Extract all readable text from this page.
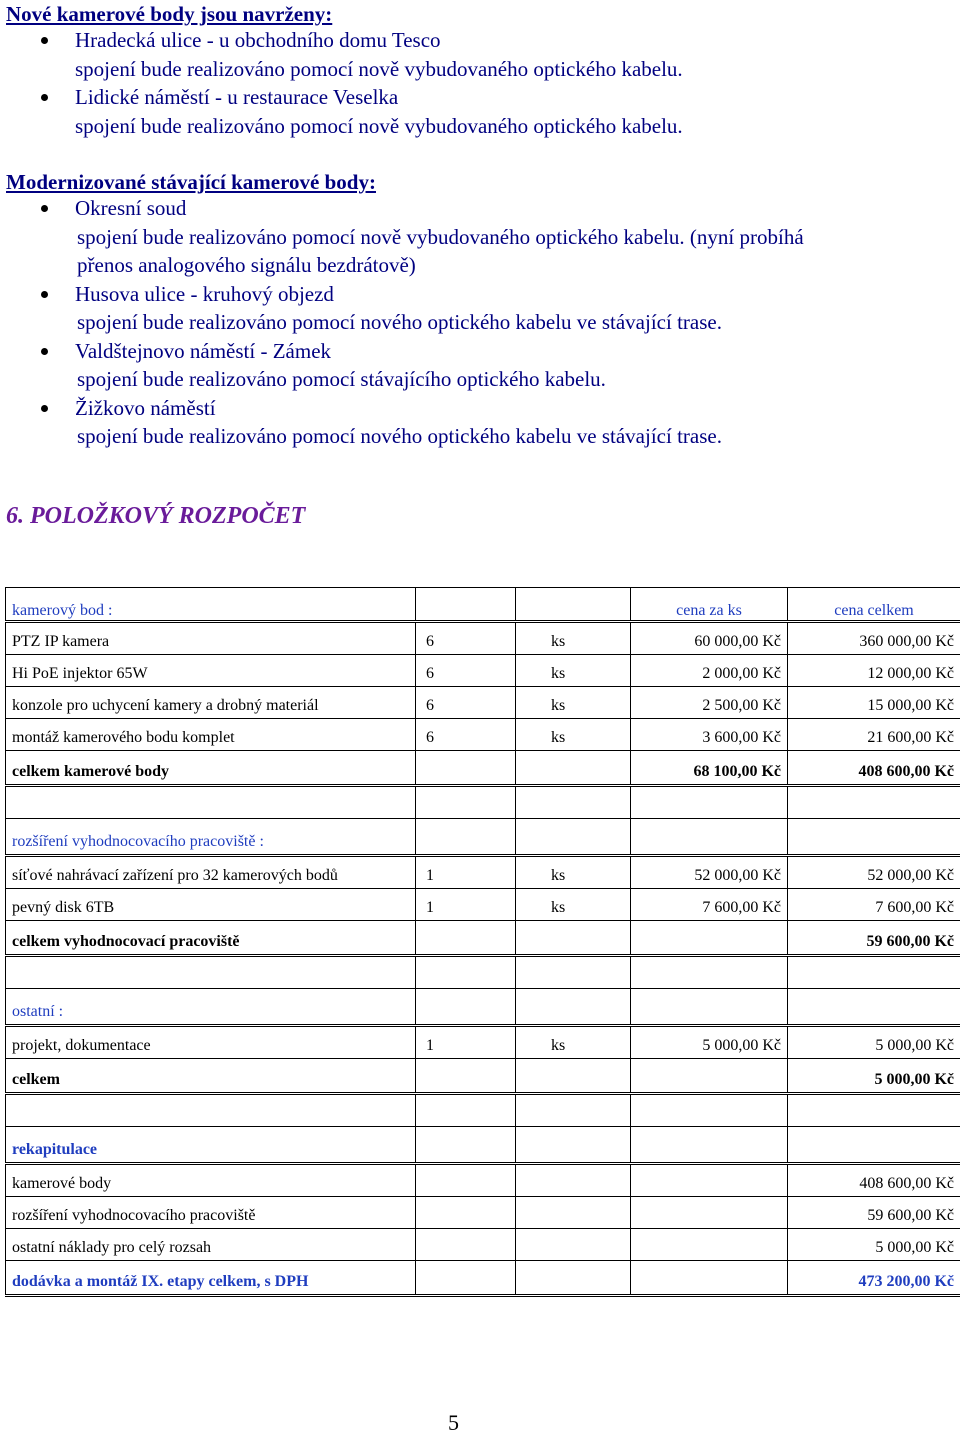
Nové kamerové body jsou navrženy:
Hradecká ulice - u obchodního domu Tesco
spojení bude realizováno pomocí nově vybudovaného optického kabelu.
Lidické náměstí - u restaurace Veselka
spojení bude realizováno pomocí nově vybudovaného optického kabelu.
Modernizované stávající kamerové body:
Okresní soud
spojení bude realizováno pomocí nově vybudovaného optického kabelu. (nyní probíhá
přenos analogového signálu bezdrátově)
Husova ulice - kruhový objezd
spojení bude realizováno pomocí nového optického kabelu ve stávající trase.
Valdštejnovo náměstí - Zámek
spojení bude realizováno pomocí stávajícího optického kabelu.
Žižkovo náměstí
spojení bude realizováno pomocí nového optického kabelu ve stávající trase.
6. POLOŽKOVÝ ROZPOČET
kamerový bod :			cena za ks	cena celkem
PTZ IP kamera	6	ks	60 000,00 Kč	360 000,00 Kč
Hi PoE injektor 65W	6	ks	2 000,00 Kč	12 000,00 Kč
konzole pro uchycení kamery a drobný materiál	6	ks	2 500,00 Kč	15 000,00 Kč
montáž kamerového bodu komplet	6	ks	3 600,00 Kč	21 600,00 Kč
celkem kamerové body			68 100,00 Kč	408 600,00 Kč

rozšíření vyhodnocovacího pracoviště :				
síťové nahrávací zařízení pro 32 kamerových bodů	1	ks	52 000,00 Kč	52 000,00 Kč
pevný disk 6TB	1	ks	7 600,00 Kč	7 600,00 Kč
celkem vyhodnocovací pracoviště				59 600,00 Kč

ostatní :				
projekt, dokumentace	1	ks	5 000,00 Kč	5 000,00 Kč
celkem				5 000,00 Kč

rekapitulace				
kamerové body				408 600,00 Kč
rozšíření vyhodnocovacího pracoviště				59 600,00 Kč
ostatní náklady pro celý rozsah				5 000,00 Kč
dodávka a montáž IX. etapy celkem, s DPH				473 200,00 Kč
5
